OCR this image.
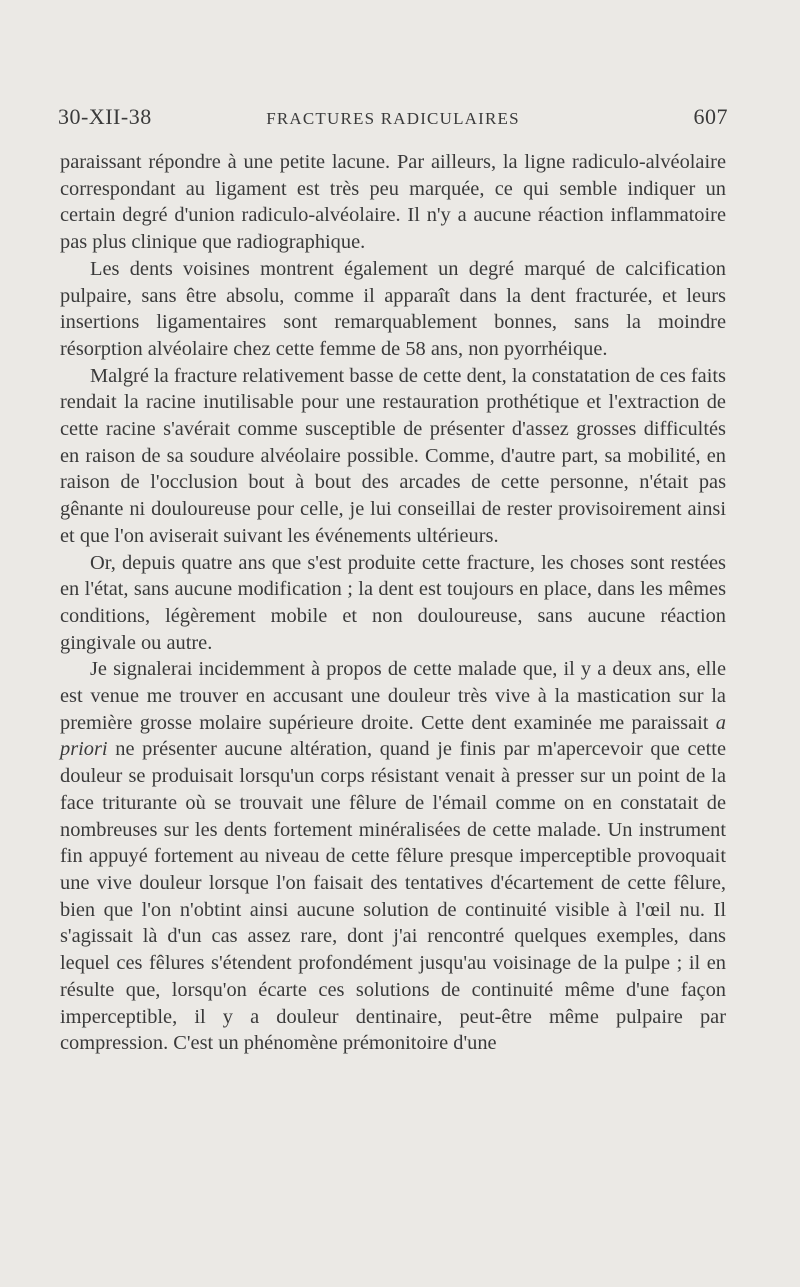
30-XII-38	FRACTURES RADICULAIRES	607

paraissant répondre à une petite lacune. Par ailleurs, la ligne radiculo-alvéolaire correspondant au ligament est très peu marquée, ce qui semble indiquer un certain degré d'union radiculo-alvéolaire. Il n'y a aucune réaction inflammatoire pas plus clinique que radiographique.

Les dents voisines montrent également un degré marqué de calcification pulpaire, sans être absolu, comme il apparaît dans la dent fracturée, et leurs insertions ligamentaires sont remarquablement bonnes, sans la moindre résorption alvéolaire chez cette femme de 58 ans, non pyorrhéique.

Malgré la fracture relativement basse de cette dent, la constatation de ces faits rendait la racine inutilisable pour une restauration prothétique et l'extraction de cette racine s'avérait comme susceptible de présenter d'assez grosses difficultés en raison de sa soudure alvéolaire possible. Comme, d'autre part, sa mobilité, en raison de l'occlusion bout à bout des arcades de cette personne, n'était pas gênante ni douloureuse pour celle, je lui conseillai de rester provisoirement ainsi et que l'on aviserait suivant les événements ultérieurs.

Or, depuis quatre ans que s'est produite cette fracture, les choses sont restées en l'état, sans aucune modification ; la dent est toujours en place, dans les mêmes conditions, légèrement mobile et non douloureuse, sans aucune réaction gingivale ou autre.

Je signalerai incidemment à propos de cette malade que, il y a deux ans, elle est venue me trouver en accusant une douleur très vive à la mastication sur la première grosse molaire supérieure droite. Cette dent examinée me paraissait a priori ne présenter aucune altération, quand je finis par m'apercevoir que cette douleur se produisait lorsqu'un corps résistant venait à presser sur un point de la face triturante où se trouvait une fêlure de l'émail comme on en constatait de nombreuses sur les dents fortement minéralisées de cette malade. Un instrument fin appuyé fortement au niveau de cette fêlure presque imperceptible provoquait une vive douleur lorsque l'on faisait des tentatives d'écartement de cette fêlure, bien que l'on n'obtint ainsi aucune solution de continuité visible à l'œil nu. Il s'agissait là d'un cas assez rare, dont j'ai rencontré quelques exemples, dans lequel ces fêlures s'étendent profondément jusqu'au voisinage de la pulpe ; il en résulte que, lorsqu'on écarte ces solutions de continuité même d'une façon imperceptible, il y a douleur dentinaire, peut-être même pulpaire par compression. C'est un phénomène prémonitoire d'une
